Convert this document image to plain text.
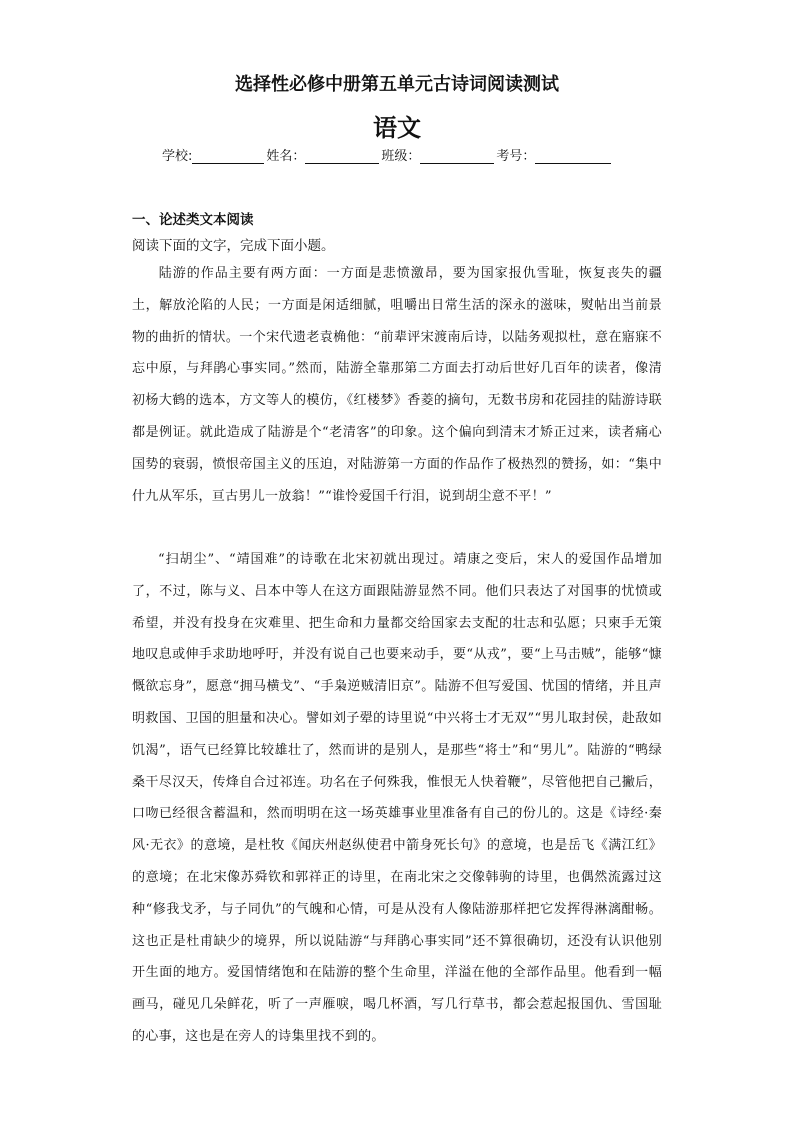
选择性必修中册第五单元古诗词阅读测试
语文
学校:	姓名：	班级：	考号：
一、论述类文本阅读
阅读下面的文字，完成下面小题。
陆游的作品主要有两方面：一方面是悲愤激昂，要为国家报仇雪耻，恢复丧失的疆土，解放沦陷的人民；一方面是闲适细腻，咀嚼出日常生活的深永的滋味，熨帖出当前景物的曲折的情状。一个宋代遗老袁桷他：“前辈评宋渡南后诗，以陆务观拟杜，意在寤寐不忘中原，与拜鹃心事实同。”然而，陆游全靠那第二方面去打动后世好几百年的读者，像清初杨大鹤的选本，方文等人的模仿，《红楼梦》香菱的摘句，无数书房和花园挂的陆游诗联都是例证。就此造成了陆游是个“老清客”的印象。这个偏向到清末才矫正过来，读者痛心国势的衰弱，愤恨帝国主义的压迫，对陆游第一方面的作品作了极热烈的赞扬，如：“集中什九从军乐，亘古男儿一放翁！”“谁怜爱国千行泪，说到胡尘意不平！”
“扫胡尘”、“靖国难”的诗歌在北宋初就出现过。靖康之变后，宋人的爱国作品增加了，不过，陈与义、吕本中等人在这方面跟陆游显然不同。他们只表达了对国事的忧愤或希望，并没有投身在灾难里、把生命和力量都交给国家去支配的壮志和弘愿；只柬手无策地叹息或伸手求助地呼吁，并没有说自己也要来动手，要“从戎”，要“上马击贼”，能够“慷慨欲忘身”，愿意“拥马横戈”、“手枭逆贼清旧京”。陆游不但写爱国、忧国的情绪，并且声明救国、卫国的胆量和决心。譬如刘子翚的诗里说“中兴将士才无双”“男儿取封侯，赴敌如饥渴”，语气已经算比较雄壮了，然而讲的是别人，是那些“将士”和“男儿”。陆游的“鸭绿桑干尽汉天，传烽自合过祁连。功名在子何殊我，惟恨无人快着鞭”，尽管他把自己撇后，口吻已经很含蓄温和，然而明明在这一场英雄事业里准备有自己的份儿的。这是《诗经·秦风·无衣》的意境，是杜牧《闻庆州赵纵使君中箭身死长句》的意境，也是岳飞《满江红》的意境；在北宋像苏舜钦和郭祥正的诗里，在南北宋之交像韩驹的诗里，也偶然流露过这种“修我戈矛，与子同仇”的气魄和心情，可是从没有人像陆游那样把它发挥得淋漓酣畅。这也正是杜甫缺少的境界，所以说陆游“与拜鹃心事实同”还不算很确切，还没有认识他别开生面的地方。爱国情绪饱和在陆游的整个生命里，洋溢在他的全部作品里。他看到一幅画马，碰见几朵鲜花，听了一声雁唳，喝几杯酒，写几行草书，都会惹起报国仇、雪国耻的心事，这也是在旁人的诗集里找不到的。
